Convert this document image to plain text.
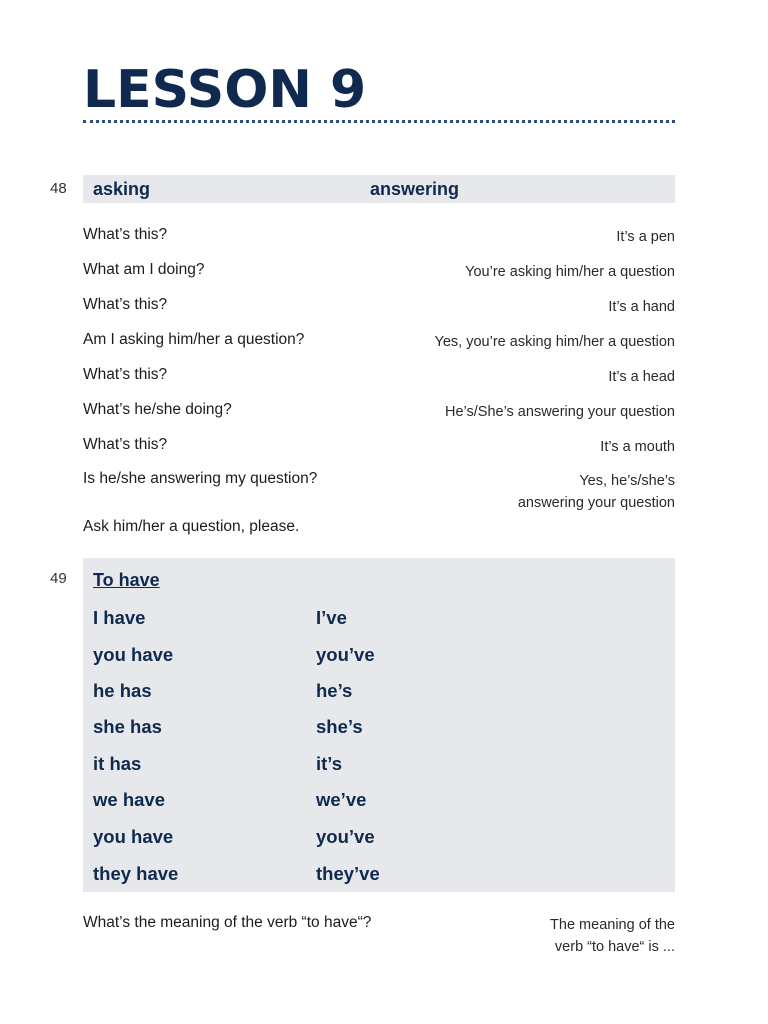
LESSON 9
48 asking	answering
What’s this?	It’s a pen
What am I doing?	You’re asking him/her a question
What’s this?	It’s a hand
Am I asking him/her a question?	Yes, you’re asking him/her a question
What’s this?	It’s a head
What’s he/she doing?	He’s/She’s answering your question
What’s this?	It’s a mouth
Is he/she answering my question?	Yes, he’s/she’s
answering your question
Ask him/her a question, please.
49 To have
I have	I’ve
you have	you’ve
he has	he’s
she has	she’s
it has	it’s
we have	we’ve
you have	you’ve
they have	they’ve
What’s the meaning of the verb “to have“?	The meaning of the
verb “to have“ is ...
